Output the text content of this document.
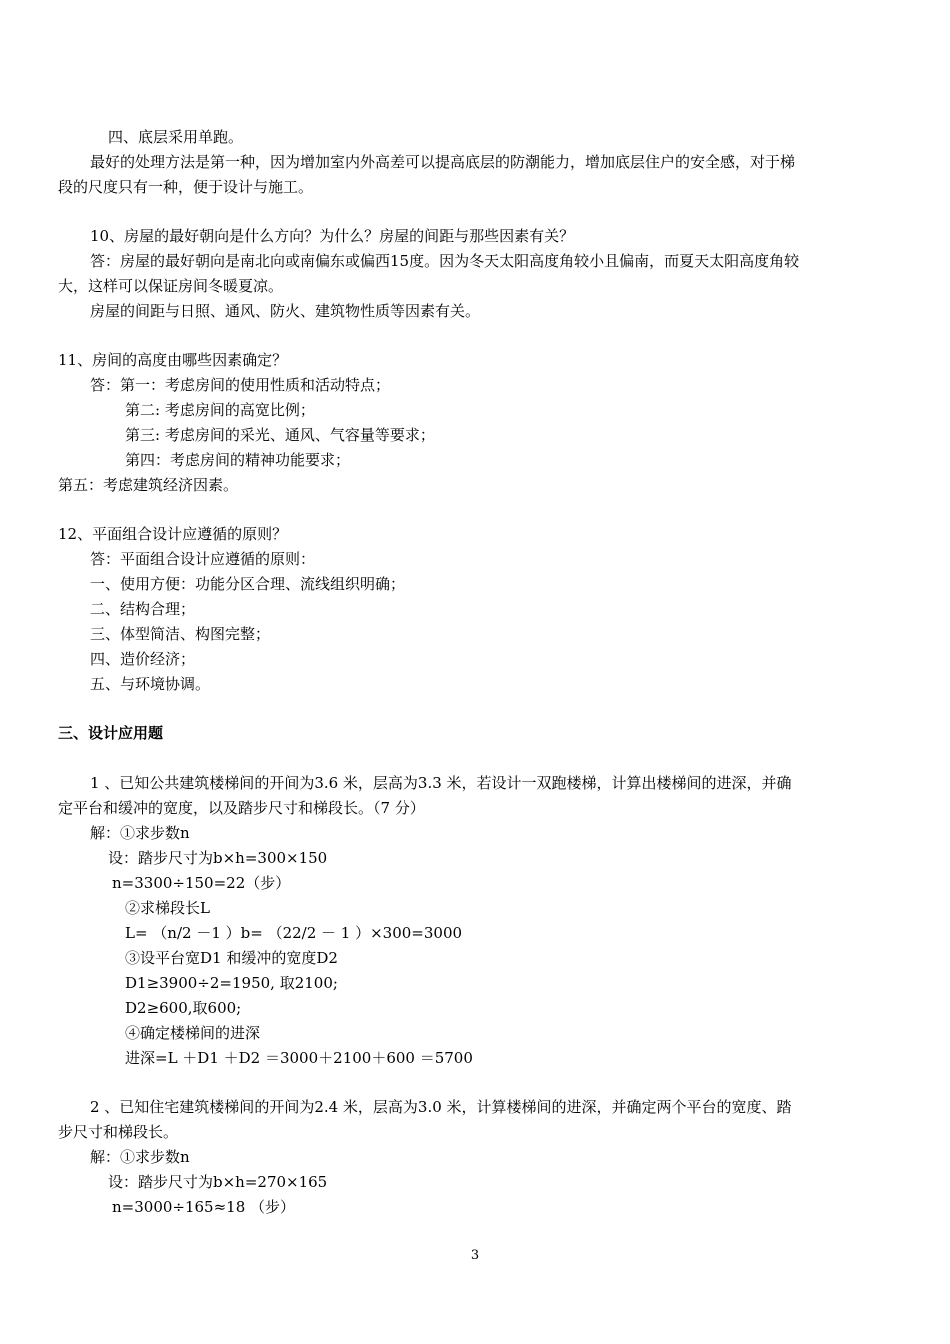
四、底层采用单跑。
最好的处理方法是第一种，因为增加室内外高差可以提高底层的防潮能力，增加底层住户的安全感，对于梯
段的尺度只有一种，便于设计与施工。
10、房屋的最好朝向是什么方向？为什么？房屋的间距与那些因素有关？
答：房屋的最好朝向是南北向或南偏东或偏西15度。因为冬天太阳高度角较小且偏南，而夏天太阳高度角较
大，这样可以保证房间冬暖夏凉。
房屋的间距与日照、通风、防火、建筑物性质等因素有关。
11、房间的高度由哪些因素确定？
答：第一：考虑房间的使用性质和活动特点；
第二: 考虑房间的高宽比例；
第三: 考虑房间的采光、通风、气容量等要求；
第四：考虑房间的精神功能要求；
第五：考虑建筑经济因素。
12、平面组合设计应遵循的原则？
答：平面组合设计应遵循的原则：
一、使用方便：功能分区合理、流线组织明确；
二、结构合理；
三、体型简洁、构图完整；
四、造价经济；
五、与环境协调。
三、设计应用题
1 、已知公共建筑楼梯间的开间为3.6 米，层高为3.3 米，若设计一双跑楼梯，计算出楼梯间的进深，并确
定平台和缓冲的宽度，以及踏步尺寸和梯段长。（7 分）
解：①求步数n
设：踏步尺寸为b×h=300×150
n=3300÷150=22（步）
②求梯段长L
L= （n/2 －1 ）b= （22/2 － 1 ）×300=3000
③设平台宽D1 和缓冲的宽度D2
D1≥3900÷2=1950, 取2100;
D2≥600,取600;
④确定楼梯间的进深
进深=L ＋D1 ＋D2 ＝3000＋2100＋600 ＝5700
2 、已知住宅建筑楼梯间的开间为2.4 米，层高为3.0 米，计算楼梯间的进深，并确定两个平台的宽度、踏
步尺寸和梯段长。
解：①求步数n
设：踏步尺寸为b×h=270×165
n=3000÷165≈18 （步）
3
